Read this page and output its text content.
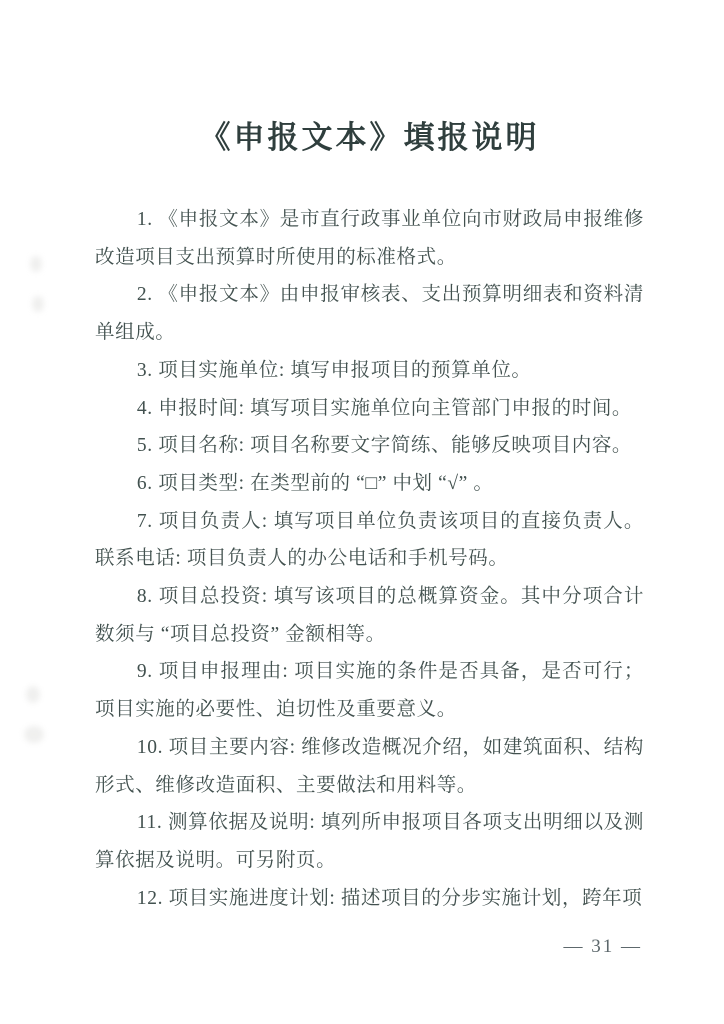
《申报文本》填报说明

1. 《申报文本》是市直行政事业单位向市财政局申报维修改造项目支出预算时所使用的标准格式。

2. 《申报文本》由申报审核表、支出预算明细表和资料清单组成。

3. 项目实施单位: 填写申报项目的预算单位。

4. 申报时间: 填写项目实施单位向主管部门申报的时间。

5. 项目名称: 项目名称要文字简练、能够反映项目内容。

6. 项目类型: 在类型前的 “□” 中划 “√” 。

7. 项目负责人: 填写项目单位负责该项目的直接负责人。联系电话: 项目负责人的办公电话和手机号码。

8. 项目总投资: 填写该项目的总概算资金。其中分项合计数须与 “项目总投资” 金额相等。

9. 项目申报理由: 项目实施的条件是否具备，是否可行；项目实施的必要性、迫切性及重要意义。

10. 项目主要内容: 维修改造概况介绍，如建筑面积、结构形式、维修改造面积、主要做法和用料等。

11. 测算依据及说明: 填列所申报项目各项支出明细以及测算依据及说明。可另附页。

12. 项目实施进度计划: 描述项目的分步实施计划，跨年项

— 31 —
